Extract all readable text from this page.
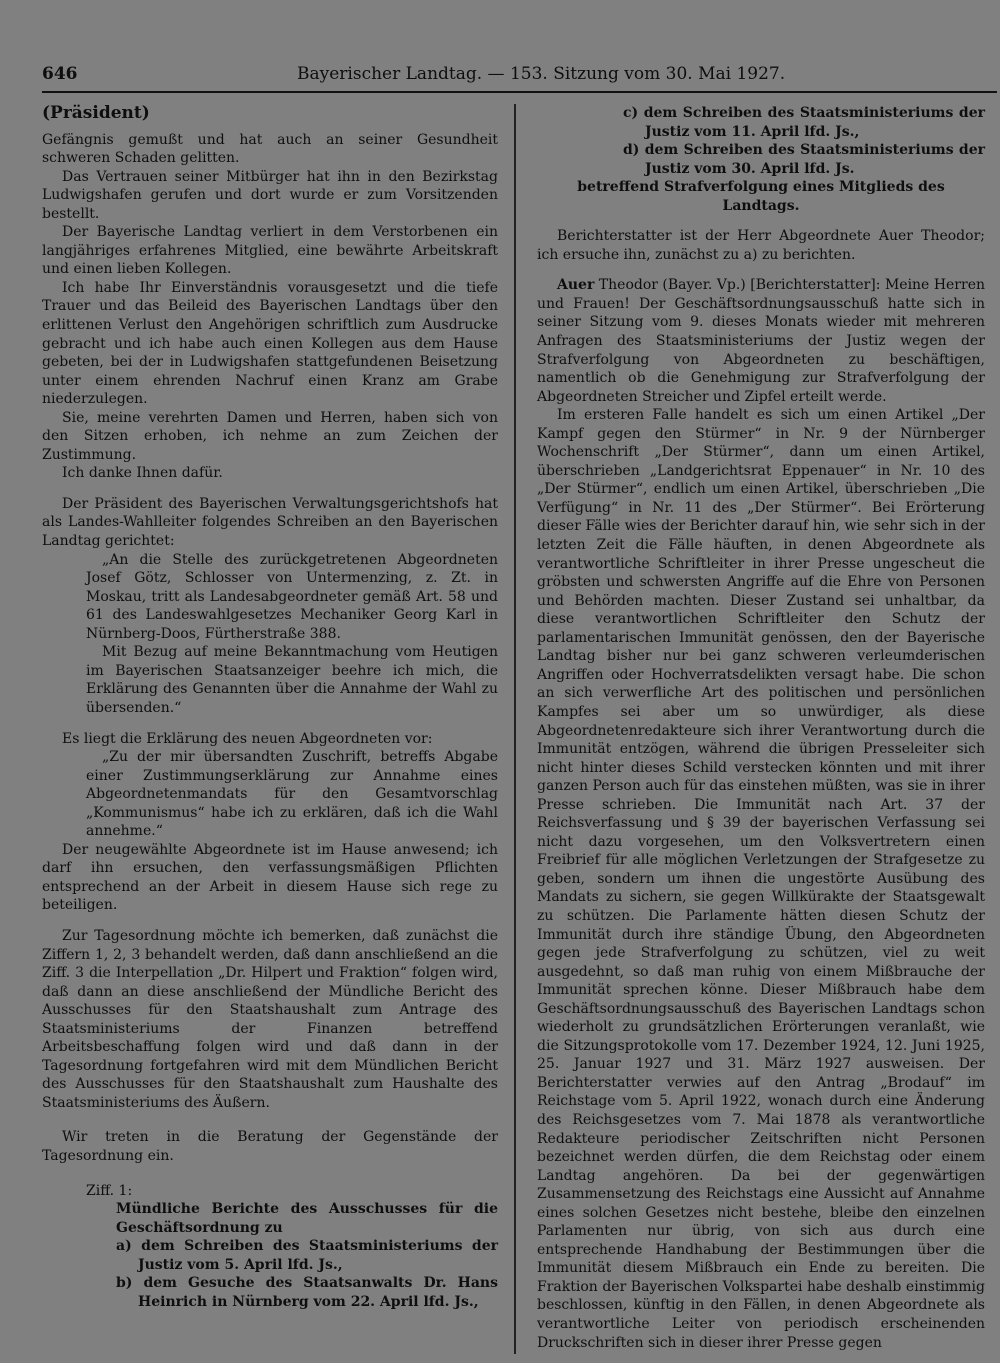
646	Bayerischer Landtag. — 153. Sitzung vom 30. Mai 1927.

(Präsident)

Gefängnis gemußt und hat auch an seiner Gesundheit schweren Schaden gelitten.

Das Vertrauen seiner Mitbürger hat ihn in den Bezirkstag Ludwigshafen gerufen und dort wurde er zum Vorsitzenden bestellt.

Der Bayerische Landtag verliert in dem Verstorbenen ein langjähriges erfahrenes Mitglied, eine bewährte Arbeitskraft und einen lieben Kollegen.

Ich habe Ihr Einverständnis vorausgesetzt und die tiefe Trauer und das Beileid des Bayerischen Landtags über den erlittenen Verlust den Angehörigen schriftlich zum Ausdrucke gebracht und ich habe auch einen Kollegen aus dem Hause gebeten, bei der in Ludwigshafen stattgefundenen Beisetzung unter einem ehrenden Nachruf einen Kranz am Grabe niederzulegen.

Sie, meine verehrten Damen und Herren, haben sich von den Sitzen erhoben, ich nehme an zum Zeichen der Zustimmung.

Ich danke Ihnen dafür.

Der Präsident des Bayerischen Verwaltungsgerichtshofs hat als Landes-Wahlleiter folgendes Schreiben an den Bayerischen Landtag gerichtet:

„An die Stelle des zurückgetretenen Abgeordneten Josef Götz, Schlosser von Untermenzing, z. Zt. in Moskau, tritt als Landesabgeordneter gemäß Art. 58 und 61 des Landeswahlgesetzes Mechaniker Georg Karl in Nürnberg-Doos, Fürtherstraße 388.

Mit Bezug auf meine Bekanntmachung vom Heutigen im Bayerischen Staatsanzeiger beehre ich mich, die Erklärung des Genannten über die Annahme der Wahl zu übersenden.“

Es liegt die Erklärung des neuen Abgeordneten vor:

„Zu der mir übersandten Zuschrift, betreffs Abgabe einer Zustimmungserklärung zur Annahme eines Abgeordnetenmandats für den Gesamtvorschlag „Kommunismus“ habe ich zu erklären, daß ich die Wahl annehme.“

Der neugewählte Abgeordnete ist im Hause anwesend; ich darf ihn ersuchen, den verfassungsmäßigen Pflichten entsprechend an der Arbeit in diesem Hause sich rege zu beteiligen.

Zur Tagesordnung möchte ich bemerken, daß zunächst die Ziffern 1, 2, 3 behandelt werden, daß dann anschließend an die Ziff. 3 die Interpellation „Dr. Hilpert und Fraktion“ folgen wird, daß dann an diese anschließend der Mündliche Bericht des Ausschusses für den Staatshaushalt zum Antrage des Staatsministeriums der Finanzen betreffend Arbeitsbeschaffung folgen wird und daß dann in der Tagesordnung fortgefahren wird mit dem Mündlichen Bericht des Ausschusses für den Staatshaushalt zum Haushalte des Staatsministeriums des Äußern.

Wir treten in die Beratung der Gegenstände der Tagesordnung ein.

Ziff. 1:

Mündliche Berichte des Ausschusses für die Geschäftsordnung zu

a) dem Schreiben des Staatsministeriums der Justiz vom 5. April lfd. Js.,

b) dem Gesuche des Staatsanwalts Dr. Hans Heinrich in Nürnberg vom 22. April lfd. Js.,

c) dem Schreiben des Staatsministeriums der Justiz vom 11. April lfd. Js.,

d) dem Schreiben des Staatsministeriums der Justiz vom 30. April lfd. Js.

betreffend Strafverfolgung eines Mitglieds des Landtags.

Berichterstatter ist der Herr Abgeordnete Auer Theodor; ich ersuche ihn, zunächst zu a) zu berichten.

Auer Theodor (Bayer. Vp.) [Berichterstatter]: Meine Herren und Frauen! Der Geschäftsordnungsausschuß hatte sich in seiner Sitzung vom 9. dieses Monats wieder mit mehreren Anfragen des Staatsministeriums der Justiz wegen der Strafverfolgung von Abgeordneten zu beschäftigen, namentlich ob die Genehmigung zur Strafverfolgung der Abgeordneten Streicher und Zipfel erteilt werde.

Im ersteren Falle handelt es sich um einen Artikel „Der Kampf gegen den Stürmer“ in Nr. 9 der Nürnberger Wochenschrift „Der Stürmer“, dann um einen Artikel, überschrieben „Landgerichtsrat Eppenauer“ in Nr. 10 des „Der Stürmer“, endlich um einen Artikel, überschrieben „Die Verfügung“ in Nr. 11 des „Der Stürmer“. Bei Erörterung dieser Fälle wies der Berichter darauf hin, wie sehr sich in der letzten Zeit die Fälle häuften, in denen Abgeordnete als verantwortliche Schriftleiter in ihrer Presse ungescheut die gröbsten und schwersten Angriffe auf die Ehre von Personen und Behörden machten. Dieser Zustand sei unhaltbar, da diese verantwortlichen Schriftleiter den Schutz der parlamentarischen Immunität genössen, den der Bayerische Landtag bisher nur bei ganz schweren verleumderischen Angriffen oder Hochverratsdelikten versagt habe. Die schon an sich verwerfliche Art des politischen und persönlichen Kampfes sei aber um so unwürdiger, als diese Abgeordnetenredakteure sich ihrer Verantwortung durch die Immunität entzögen, während die übrigen Presseleiter sich nicht hinter dieses Schild verstecken könnten und mit ihrer ganzen Person auch für das einstehen müßten, was sie in ihrer Presse schrieben. Die Immunität nach Art. 37 der Reichsverfassung und § 39 der bayerischen Verfassung sei nicht dazu vorgesehen, um den Volksvertretern einen Freibrief für alle möglichen Verletzungen der Strafgesetze zu geben, sondern um ihnen die ungestörte Ausübung des Mandats zu sichern, sie gegen Willkürakte der Staatsgewalt zu schützen. Die Parlamente hätten diesen Schutz der Immunität durch ihre ständige Übung, den Abgeordneten gegen jede Strafverfolgung zu schützen, viel zu weit ausgedehnt, so daß man ruhig von einem Mißbrauche der Immunität sprechen könne. Dieser Mißbrauch habe dem Geschäftsordnungsausschuß des Bayerischen Landtags schon wiederholt zu grundsätzlichen Erörterungen veranlaßt, wie die Sitzungsprotokolle vom 17. Dezember 1924, 12. Juni 1925, 25. Januar 1927 und 31. März 1927 ausweisen. Der Berichterstatter verwies auf den Antrag „Brodauf“ im Reichstage vom 5. April 1922, wonach durch eine Änderung des Reichsgesetzes vom 7. Mai 1878 als verantwortliche Redakteure periodischer Zeitschriften nicht Personen bezeichnet werden dürfen, die dem Reichstag oder einem Landtag angehören. Da bei der gegenwärtigen Zusammensetzung des Reichstags eine Aussicht auf Annahme eines solchen Gesetzes nicht bestehe, bleibe den einzelnen Parlamenten nur übrig, von sich aus durch eine entsprechende Handhabung der Bestimmungen über die Immunität diesem Mißbrauch ein Ende zu bereiten. Die Fraktion der Bayerischen Volkspartei habe deshalb einstimmig beschlossen, künftig in den Fällen, in denen Abgeordnete als verantwortliche Leiter von periodisch erscheinenden Druckschriften sich in dieser ihrer Presse gegen
